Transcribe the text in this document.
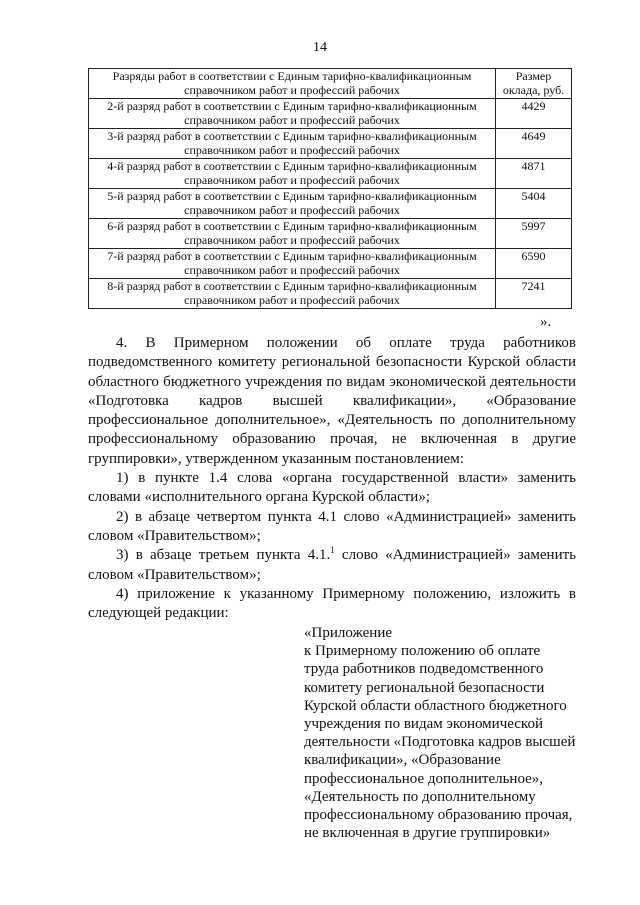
14
Разряды работ в соответствии с Единым тарифно-квалификационным справочником работ и профессий рабочих	Размер оклада, руб.
2-й разряд работ в соответствии с Единым тарифно-квалификационным справочником работ и профессий рабочих	4429
3-й разряд работ в соответствии с Единым тарифно-квалификационным справочником работ и профессий рабочих	4649
4-й разряд работ в соответствии с Единым тарифно-квалификационным справочником работ и профессий рабочих	4871
5-й разряд работ в соответствии с Единым тарифно-квалификационным справочником работ и профессий рабочих	5404
6-й разряд работ в соответствии с Единым тарифно-квалификационным справочником работ и профессий рабочих	5997
7-й разряд работ в соответствии с Единым тарифно-квалификационным справочником работ и профессий рабочих	6590
8-й разряд работ в соответствии с Единым тарифно-квалификационным справочником работ и профессий рабочих	7241
».

4. В Примерном положении об оплате труда работников подведомственного комитету региональной безопасности Курской области областного бюджетного учреждения по видам экономической деятельности «Подготовка кадров высшей квалификации», «Образование профессиональное дополнительное», «Деятельность по дополнительному профессиональному образованию прочая, не включенная в другие группировки», утвержденном указанным постановлением:

1) в пункте 1.4 слова «органа государственной власти» заменить словами «исполнительного органа Курской области»;

2) в абзаце четвертом пункта 4.1 слово «Администрацией» заменить словом «Правительством»;

3) в абзаце третьем пункта 4.1.$^1$ слово «Администрацией» заменить словом «Правительством»;

4) приложение к указанному Примерному положению, изложить в следующей редакции:

«Приложение
к Примерному положению об оплате
труда работников подведомственного
комитету региональной безопасности
Курской области областного бюджетного
учреждения по видам экономической
деятельности «Подготовка кадров высшей
квалификации», «Образование
профессиональное дополнительное»,
«Деятельность по дополнительному
профессиональному образованию прочая,
не включенная в другие группировки»
